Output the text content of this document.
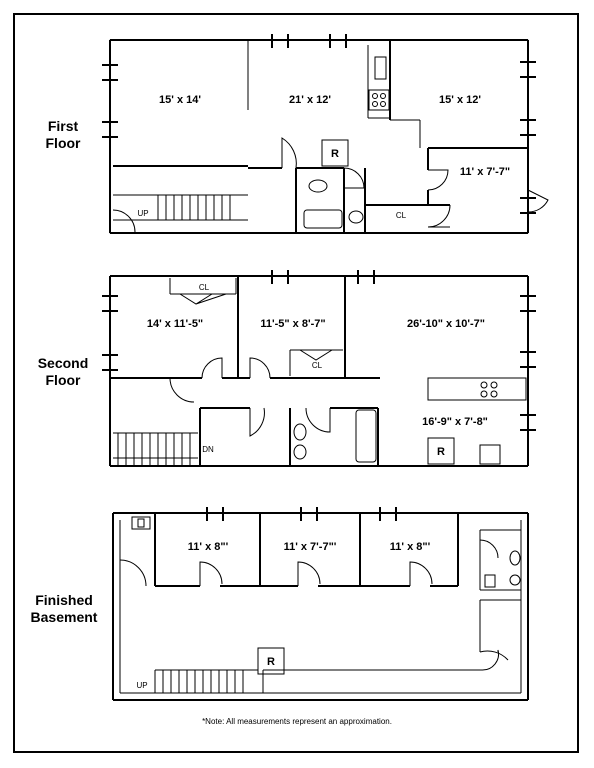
First
Floor
Second
Floor
Finished
Basement
15' x 14'	21' x 12'	15' x 12'
11' x 7'-7"
R
CL
UP
14' x 11'-5"	11'-5" x 8'-7"	26'-10" x 10'-7"
16'-9" x 7'-8"
CL
CL
R
DN
11' x 8"'	11' x 7'-7"'	11' x 8"'
R
UP
*Note: All measurements represent an approximation.
